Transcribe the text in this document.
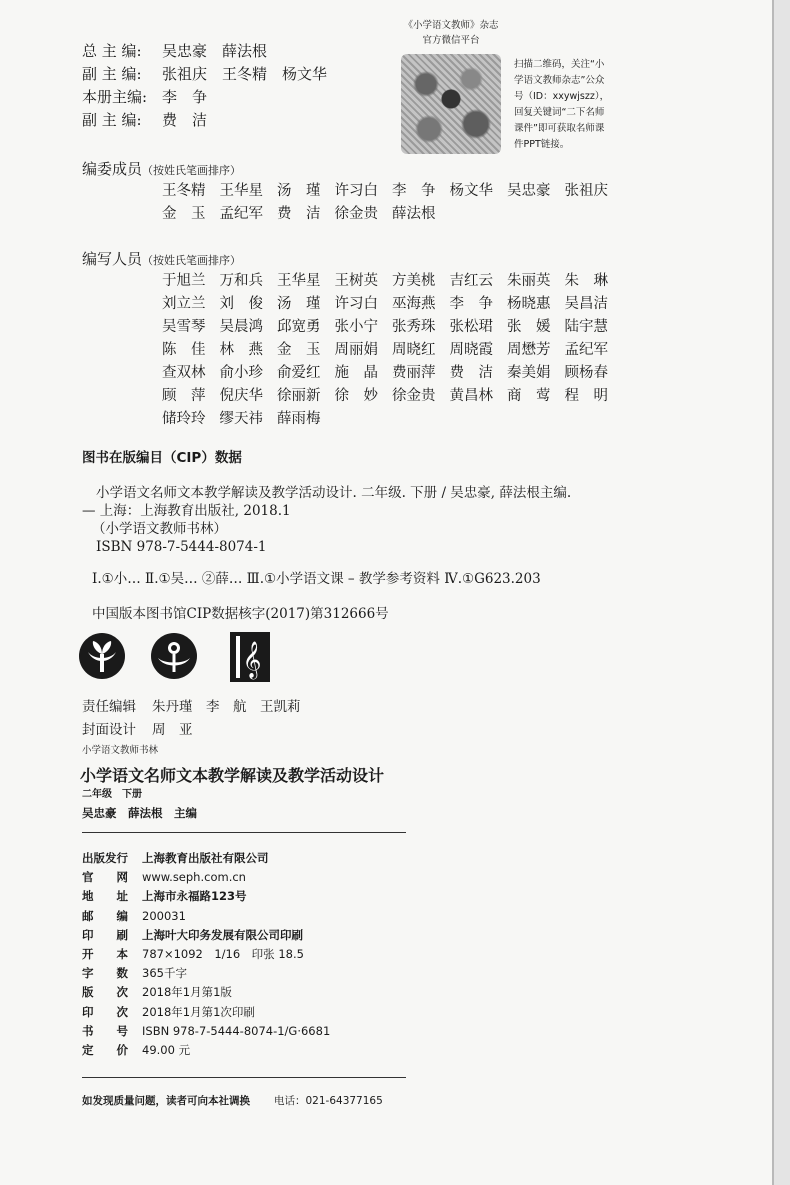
总 主 编:	吴忠豪　薛法根
副 主 编:	张祖庆　王冬精　杨文华
本册主编: 李　争
副 主 编:	费　洁
《小学语文教师》杂志
官方微信平台
扫描二维码，关注“小
学语文教师杂志”公众
号（ID：xxywjszz），
回复关键词“二下名师
课件”即可获取名师课
件PPT链接。
编委成员（按姓氏笔画排序）
王冬精 王华星 汤　瑾 许习白 李　争 杨文华 吴忠豪 张祖庆
金　玉 孟纪军 费　洁 徐金贵 薛法根
编写人员（按姓氏笔画排序）
于旭兰 万和兵 王华星 王树英 方美桃 吉红云 朱丽英 朱　琳
刘立兰 刘　俊 汤　瑾 许习白 巫海燕 李　争 杨晓惠 吴昌洁
吴雪琴 吴晨鸿 邱宽勇 张小宁 张秀珠 张松珺 张　媛 陆宇慧
陈　佳 林　燕 金　玉 周丽娟 周晓红 周晓霞 周懋芳 孟纪军
查双林 俞小珍 俞爱红 施　晶 费丽萍 费　洁 秦美娟 顾杨春
顾　萍 倪庆华 徐丽新 徐　妙 徐金贵 黄昌林 商　莺 程　明
储玲玲 缪天祎 薛雨梅
图书在版编目（CIP）数据
小学语文名师文本教学解读及教学活动设计. 二年级. 下册 / 吴忠豪, 薛法根主编.
— 上海：上海教育出版社, 2018.1
（小学语文教师书林）
ISBN 978-7-5444-8074-1
Ⅰ.①小… Ⅱ.①吴… ②薛… Ⅲ.①小学语文课 – 教学参考资料 Ⅳ.①G623.203
中国版本图书馆CIP数据核字(2017)第312666号
𝄞
责任编辑 朱丹瑾　李　航　王凯莉
封面设计 周　亚
小学语文教师书林
小学语文名师文本教学解读及教学活动设计
二年级　下册
吴忠豪　薛法根　主编
出版发行	上海教育出版社有限公司
官　　网	www.seph.com.cn
地　　址	上海市永福路123号
邮　　编	200031
印　　刷	上海叶大印务发展有限公司印刷
开　　本	787×1092　1/16　印张 18.5
字　　数	365千字
版　　次	2018年1月第1版
印　　次	2018年1月第1次印刷
书　　号	ISBN 978-7-5444-8074-1/G·6681
定　　价	49.00 元
如发现质量问题，读者可向本社调换 电话：021-64377165
